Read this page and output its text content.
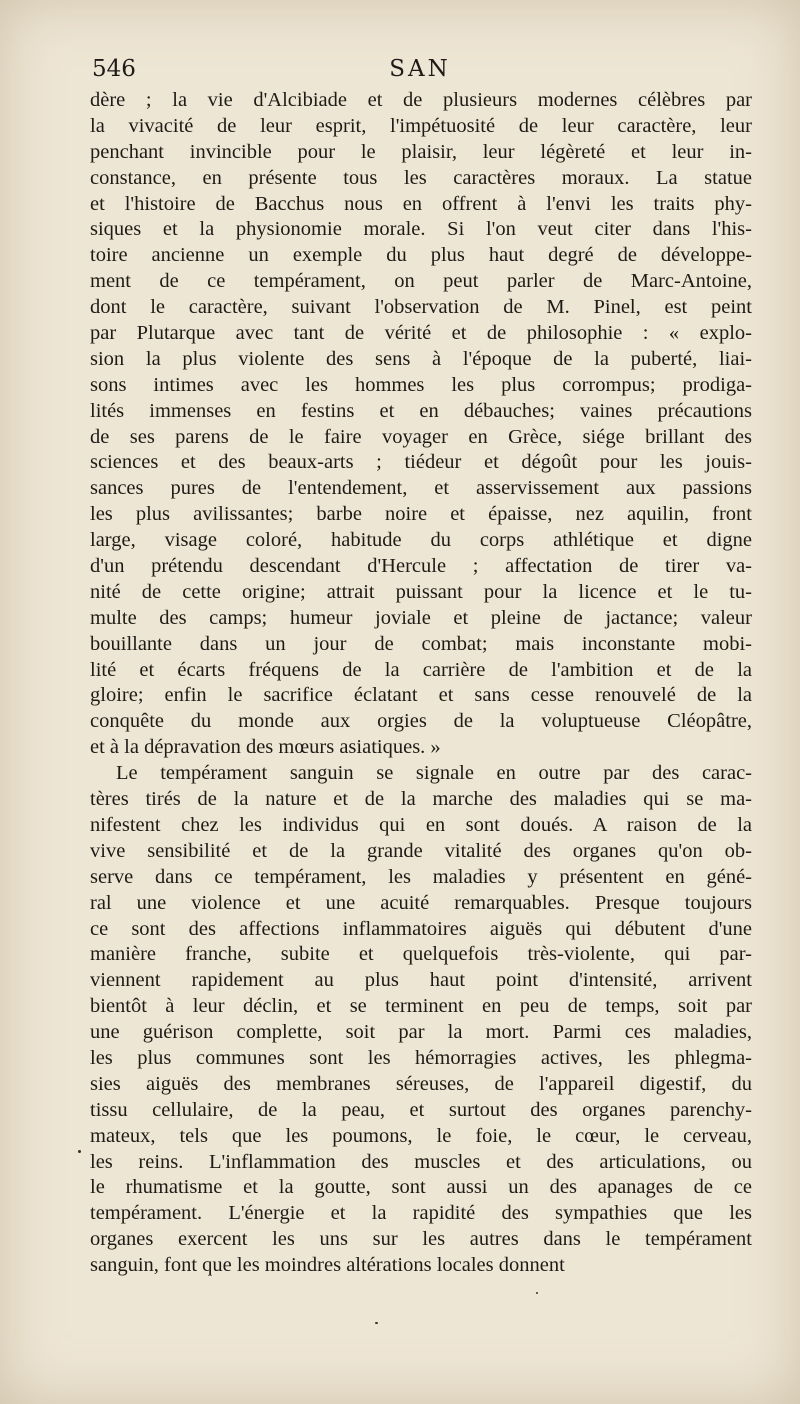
546	SAN
dère ; la vie d'Alcibiade et de plusieurs modernes célèbres par
la vivacité de leur esprit, l'impétuosité de leur caractère, leur
penchant invincible pour le plaisir, leur légèreté et leur in-
constance, en présente tous les caractères moraux. La statue
et l'histoire de Bacchus nous en offrent à l'envi les traits phy-
siques et la physionomie morale. Si l'on veut citer dans l'his-
toire ancienne un exemple du plus haut degré de développe-
ment de ce tempérament, on peut parler de Marc-Antoine,
dont le caractère, suivant l'observation de M. Pinel, est peint
par Plutarque avec tant de vérité et de philosophie : « explo-
sion la plus violente des sens à l'époque de la puberté, liai-
sons intimes avec les hommes les plus corrompus; prodiga-
lités immenses en festins et en débauches; vaines précautions
de ses parens de le faire voyager en Grèce, siége brillant des
sciences et des beaux-arts ; tiédeur et dégoût pour les jouis-
sances pures de l'entendement, et asservissement aux passions
les plus avilissantes; barbe noire et épaisse, nez aquilin, front
large, visage coloré, habitude du corps athlétique et digne
d'un prétendu descendant d'Hercule ; affectation de tirer va-
nité de cette origine; attrait puissant pour la licence et le tu-
multe des camps; humeur joviale et pleine de jactance; valeur
bouillante dans un jour de combat; mais inconstante mobi-
lité et écarts fréquens de la carrière de l'ambition et de la
gloire; enfin le sacrifice éclatant et sans cesse renouvelé de la
conquête du monde aux orgies de la voluptueuse Cléopâtre,
et à la dépravation des mœurs asiatiques. »
Le tempérament sanguin se signale en outre par des carac-
tères tirés de la nature et de la marche des maladies qui se ma-
nifestent chez les individus qui en sont doués. A raison de la
vive sensibilité et de la grande vitalité des organes qu'on ob-
serve dans ce tempérament, les maladies y présentent en géné-
ral une violence et une acuité remarquables. Presque toujours
ce sont des affections inflammatoires aiguës qui débutent d'une
manière franche, subite et quelquefois très-violente, qui par-
viennent rapidement au plus haut point d'intensité, arrivent
bientôt à leur déclin, et se terminent en peu de temps, soit par
une guérison complette, soit par la mort. Parmi ces maladies,
les plus communes sont les hémorragies actives, les phlegma-
sies aiguës des membranes séreuses, de l'appareil digestif, du
tissu cellulaire, de la peau, et surtout des organes parenchy-
mateux, tels que les poumons, le foie, le cœur, le cerveau,
les reins. L'inflammation des muscles et des articulations, ou
le rhumatisme et la goutte, sont aussi un des apanages de ce
tempérament. L'énergie et la rapidité des sympathies que les
organes exercent les uns sur les autres dans le tempérament
sanguin, font que les moindres altérations locales donnent
